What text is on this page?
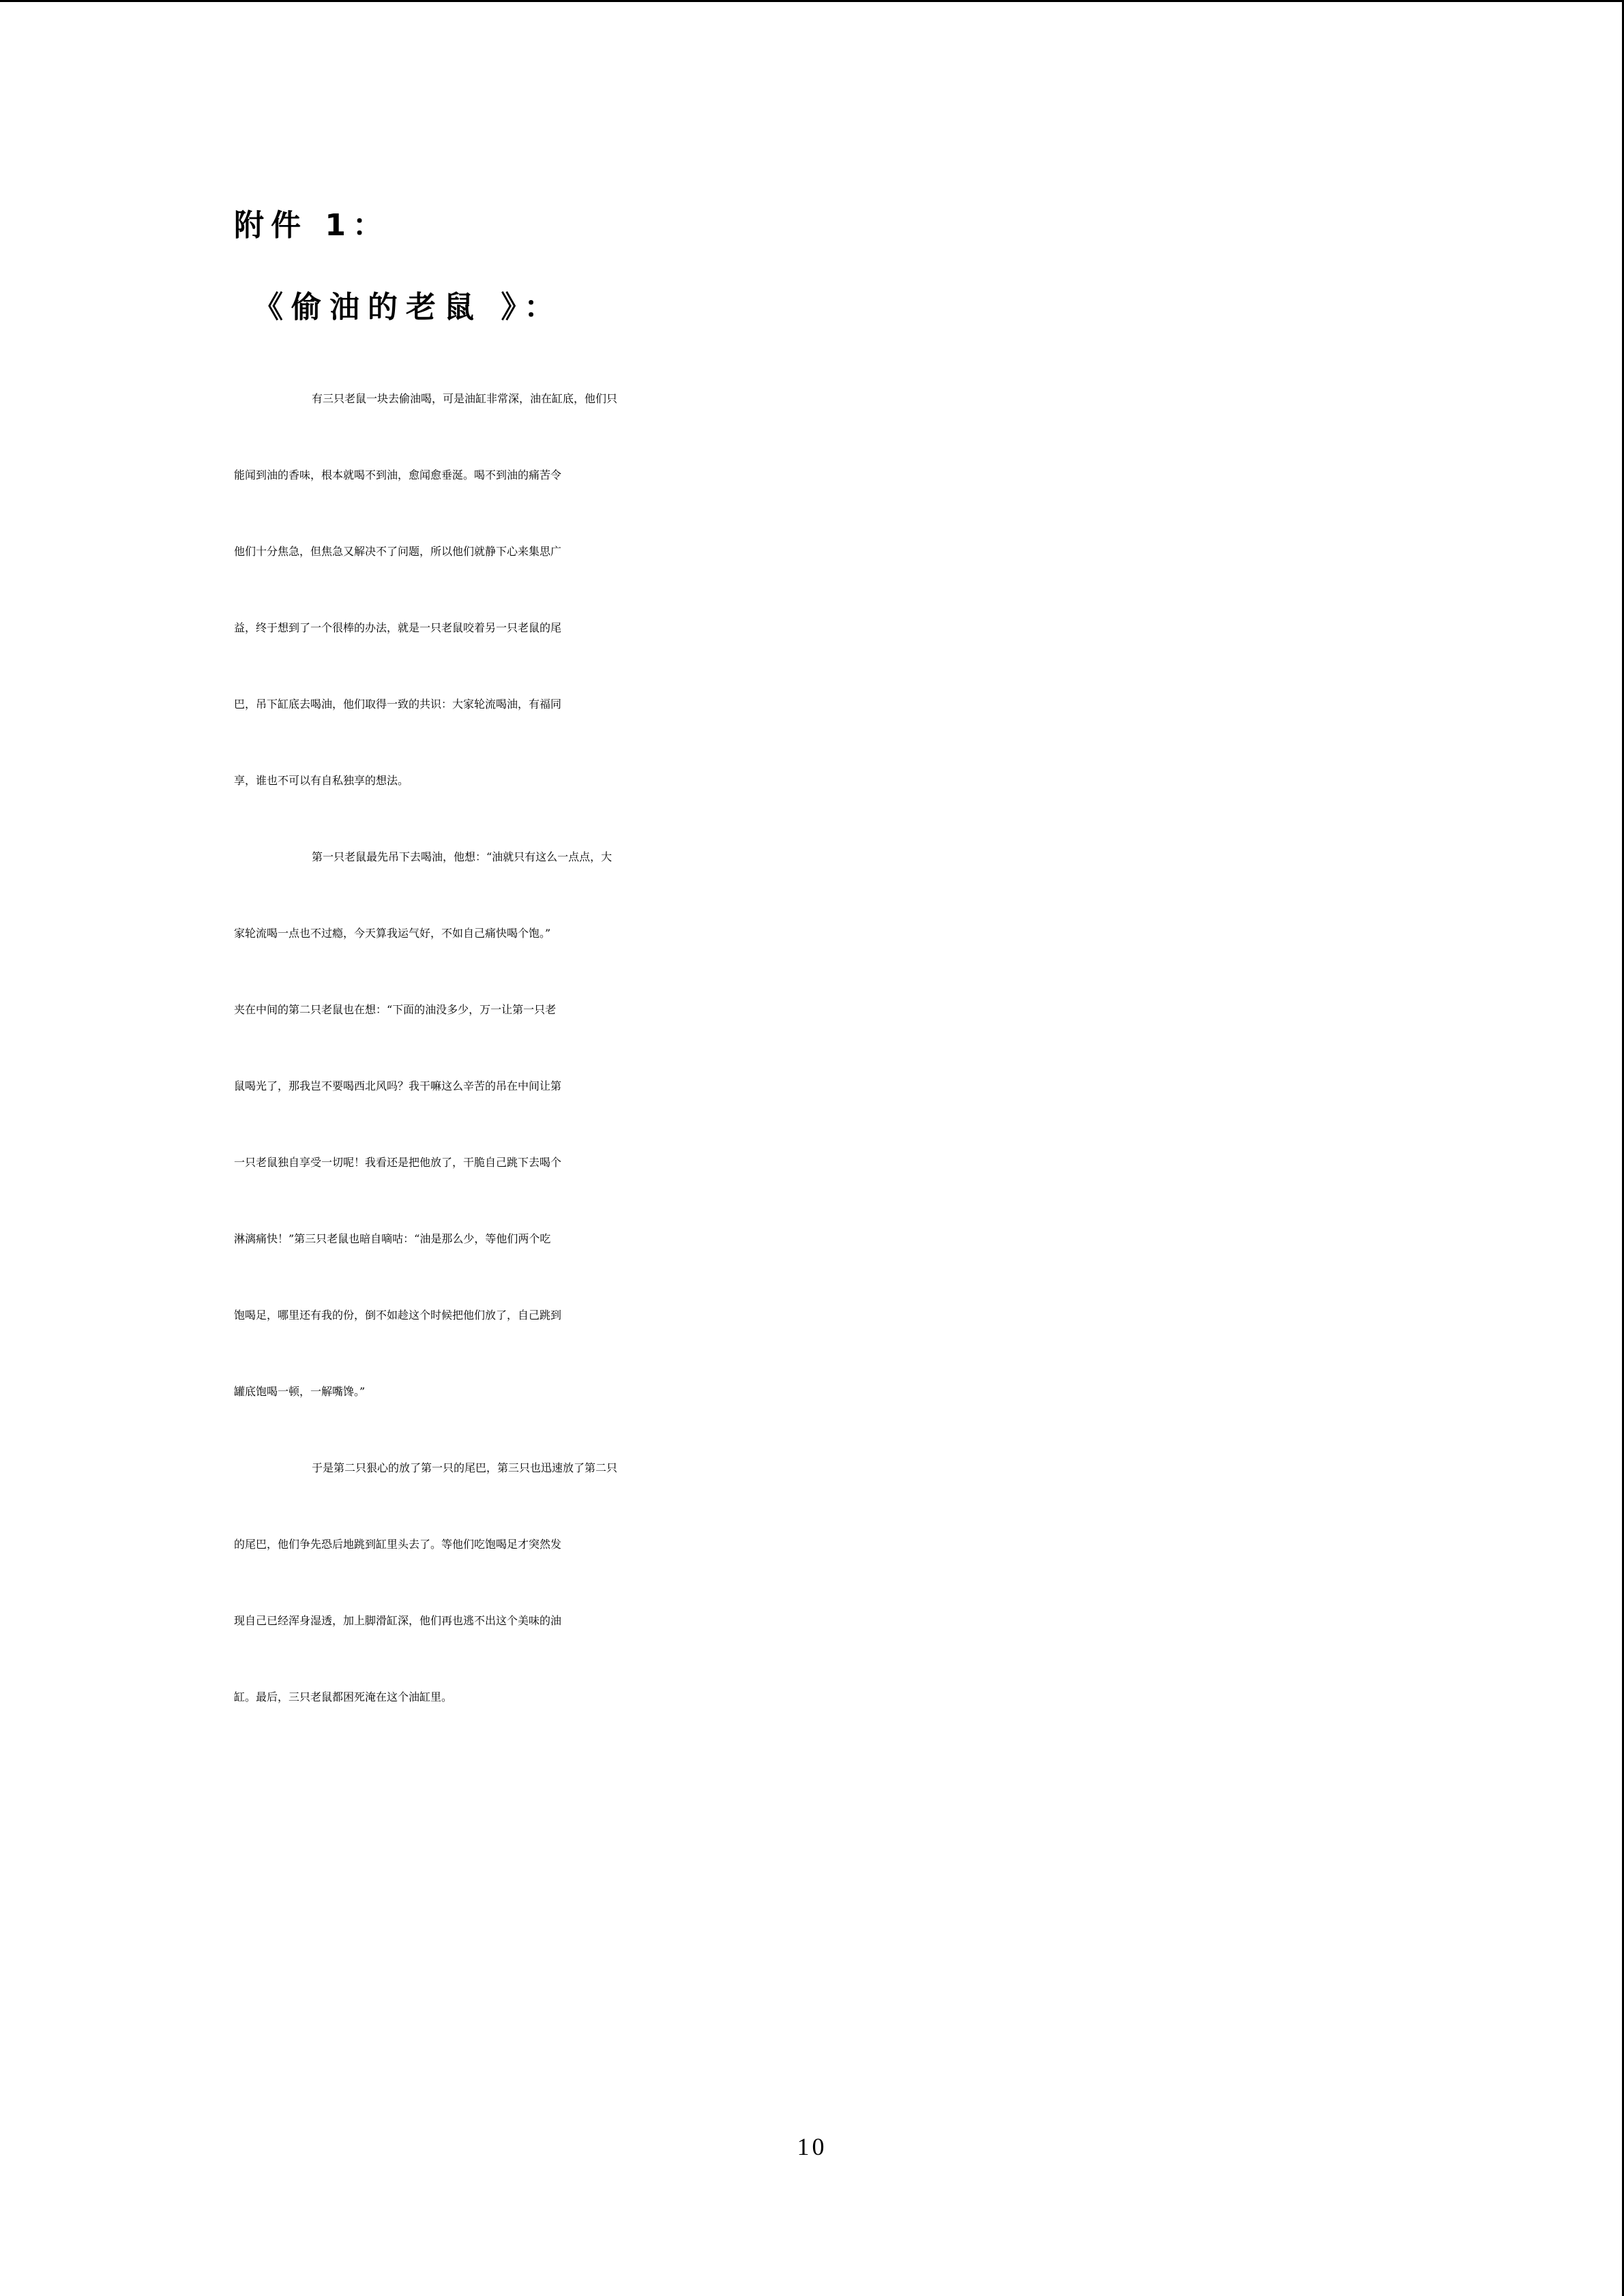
附件 1：
《偷油的老鼠 》：
有三只老鼠一块去偷油喝，可是油缸非常深，油在缸底，他们只
能闻到油的香味，根本就喝不到油，愈闻愈垂涎。喝不到油的痛苦令
他们十分焦急，但焦急又解决不了问题，所以他们就静下心来集思广
益，终于想到了一个很棒的办法，就是一只老鼠咬着另一只老鼠的尾
巴，吊下缸底去喝油，他们取得一致的共识：大家轮流喝油，有福同
享，谁也不可以有自私独享的想法。
第一只老鼠最先吊下去喝油，他想：“油就只有这么一点点，大
家轮流喝一点也不过瘾，今天算我运气好，不如自己痛快喝个饱。”
夹在中间的第二只老鼠也在想：“下面的油没多少，万一让第一只老
鼠喝光了，那我岂不要喝西北风吗？我干嘛这么辛苦的吊在中间让第
一只老鼠独自享受一切呢！我看还是把他放了，干脆自己跳下去喝个
淋漓痛快！”第三只老鼠也暗自嘀咕：“油是那么少，等他们两个吃
饱喝足，哪里还有我的份，倒不如趁这个时候把他们放了，自己跳到
罐底饱喝一顿，一解嘴馋。”
于是第二只狠心的放了第一只的尾巴，第三只也迅速放了第二只
的尾巴，他们争先恐后地跳到缸里头去了。等他们吃饱喝足才突然发
现自己已经浑身湿透，加上脚滑缸深，他们再也逃不出这个美味的油
缸。最后，三只老鼠都困死淹在这个油缸里。
10
